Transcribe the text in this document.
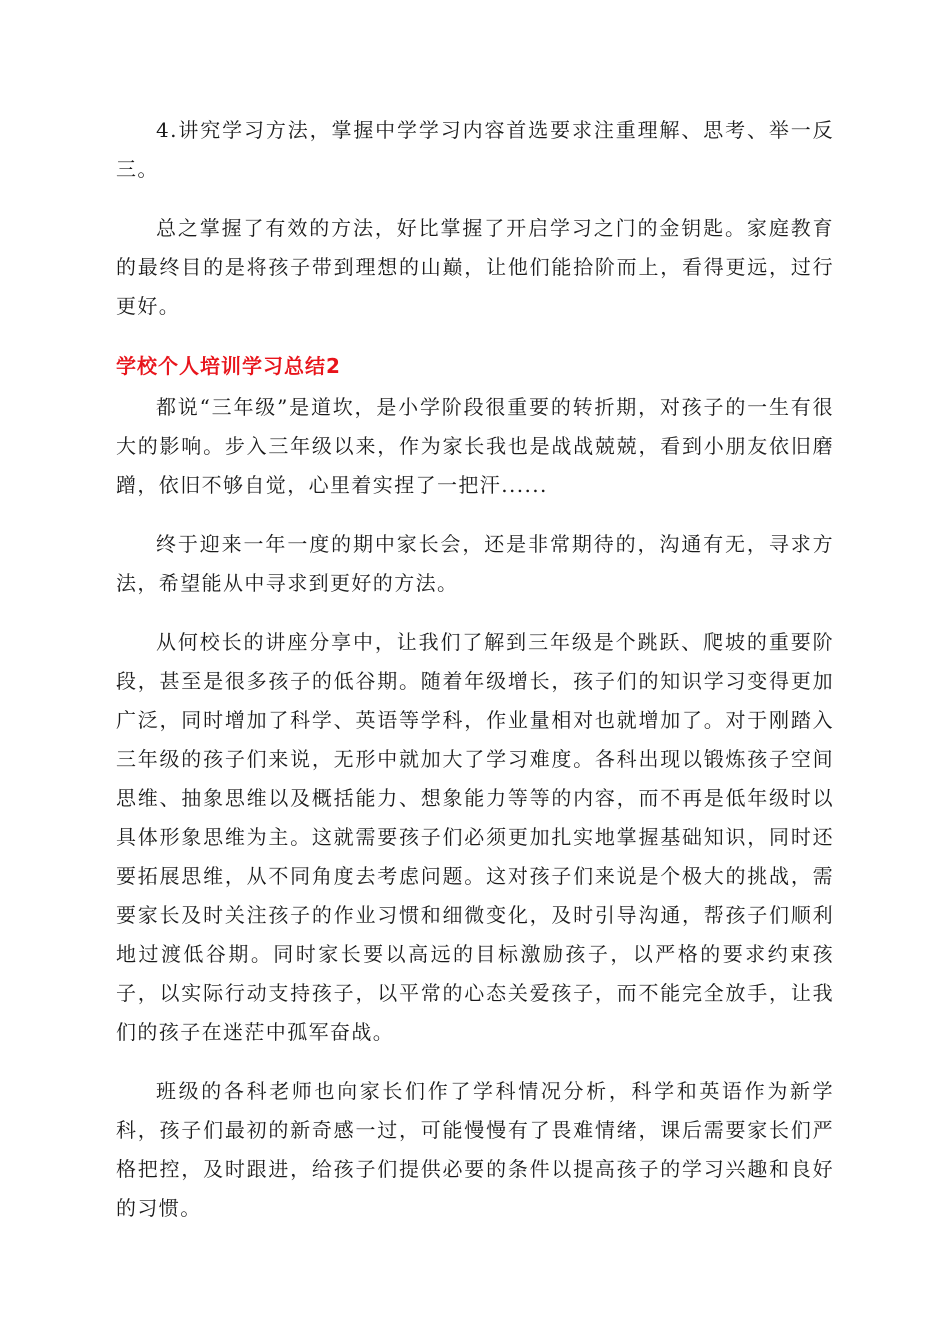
4.讲究学习方法，掌握中学学习内容首选要求注重理解、思考、举一反三。

总之掌握了有效的方法，好比掌握了开启学习之门的金钥匙。家庭教育的最终目的是将孩子带到理想的山巅，让他们能拾阶而上，看得更远，过行更好。

学校个人培训学习总结2

都说“三年级”是道坎，是小学阶段很重要的转折期，对孩子的一生有很大的影响。步入三年级以来，作为家长我也是战战兢兢，看到小朋友依旧磨蹭，依旧不够自觉，心里着实捏了一把汗......

终于迎来一年一度的期中家长会，还是非常期待的，沟通有无，寻求方法，希望能从中寻求到更好的方法。

从何校长的讲座分享中，让我们了解到三年级是个跳跃、爬坡的重要阶段，甚至是很多孩子的低谷期。随着年级增长，孩子们的知识学习变得更加广泛，同时增加了科学、英语等学科，作业量相对也就增加了。对于刚踏入三年级的孩子们来说，无形中就加大了学习难度。各科出现以锻炼孩子空间思维、抽象思维以及概括能力、想象能力等等的内容，而不再是低年级时以具体形象思维为主。这就需要孩子们必须更加扎实地掌握基础知识，同时还要拓展思维，从不同角度去考虑问题。这对孩子们来说是个极大的挑战，需要家长及时关注孩子的作业习惯和细微变化，及时引导沟通，帮孩子们顺利地过渡低谷期。同时家长要以高远的目标激励孩子，以严格的要求约束孩子，以实际行动支持孩子，以平常的心态关爱孩子，而不能完全放手，让我们的孩子在迷茫中孤军奋战。

班级的各科老师也向家长们作了学科情况分析，科学和英语作为新学科，孩子们最初的新奇感一过，可能慢慢有了畏难情绪，课后需要家长们严格把控，及时跟进，给孩子们提供必要的条件以提高孩子的学习兴趣和良好的习惯。
